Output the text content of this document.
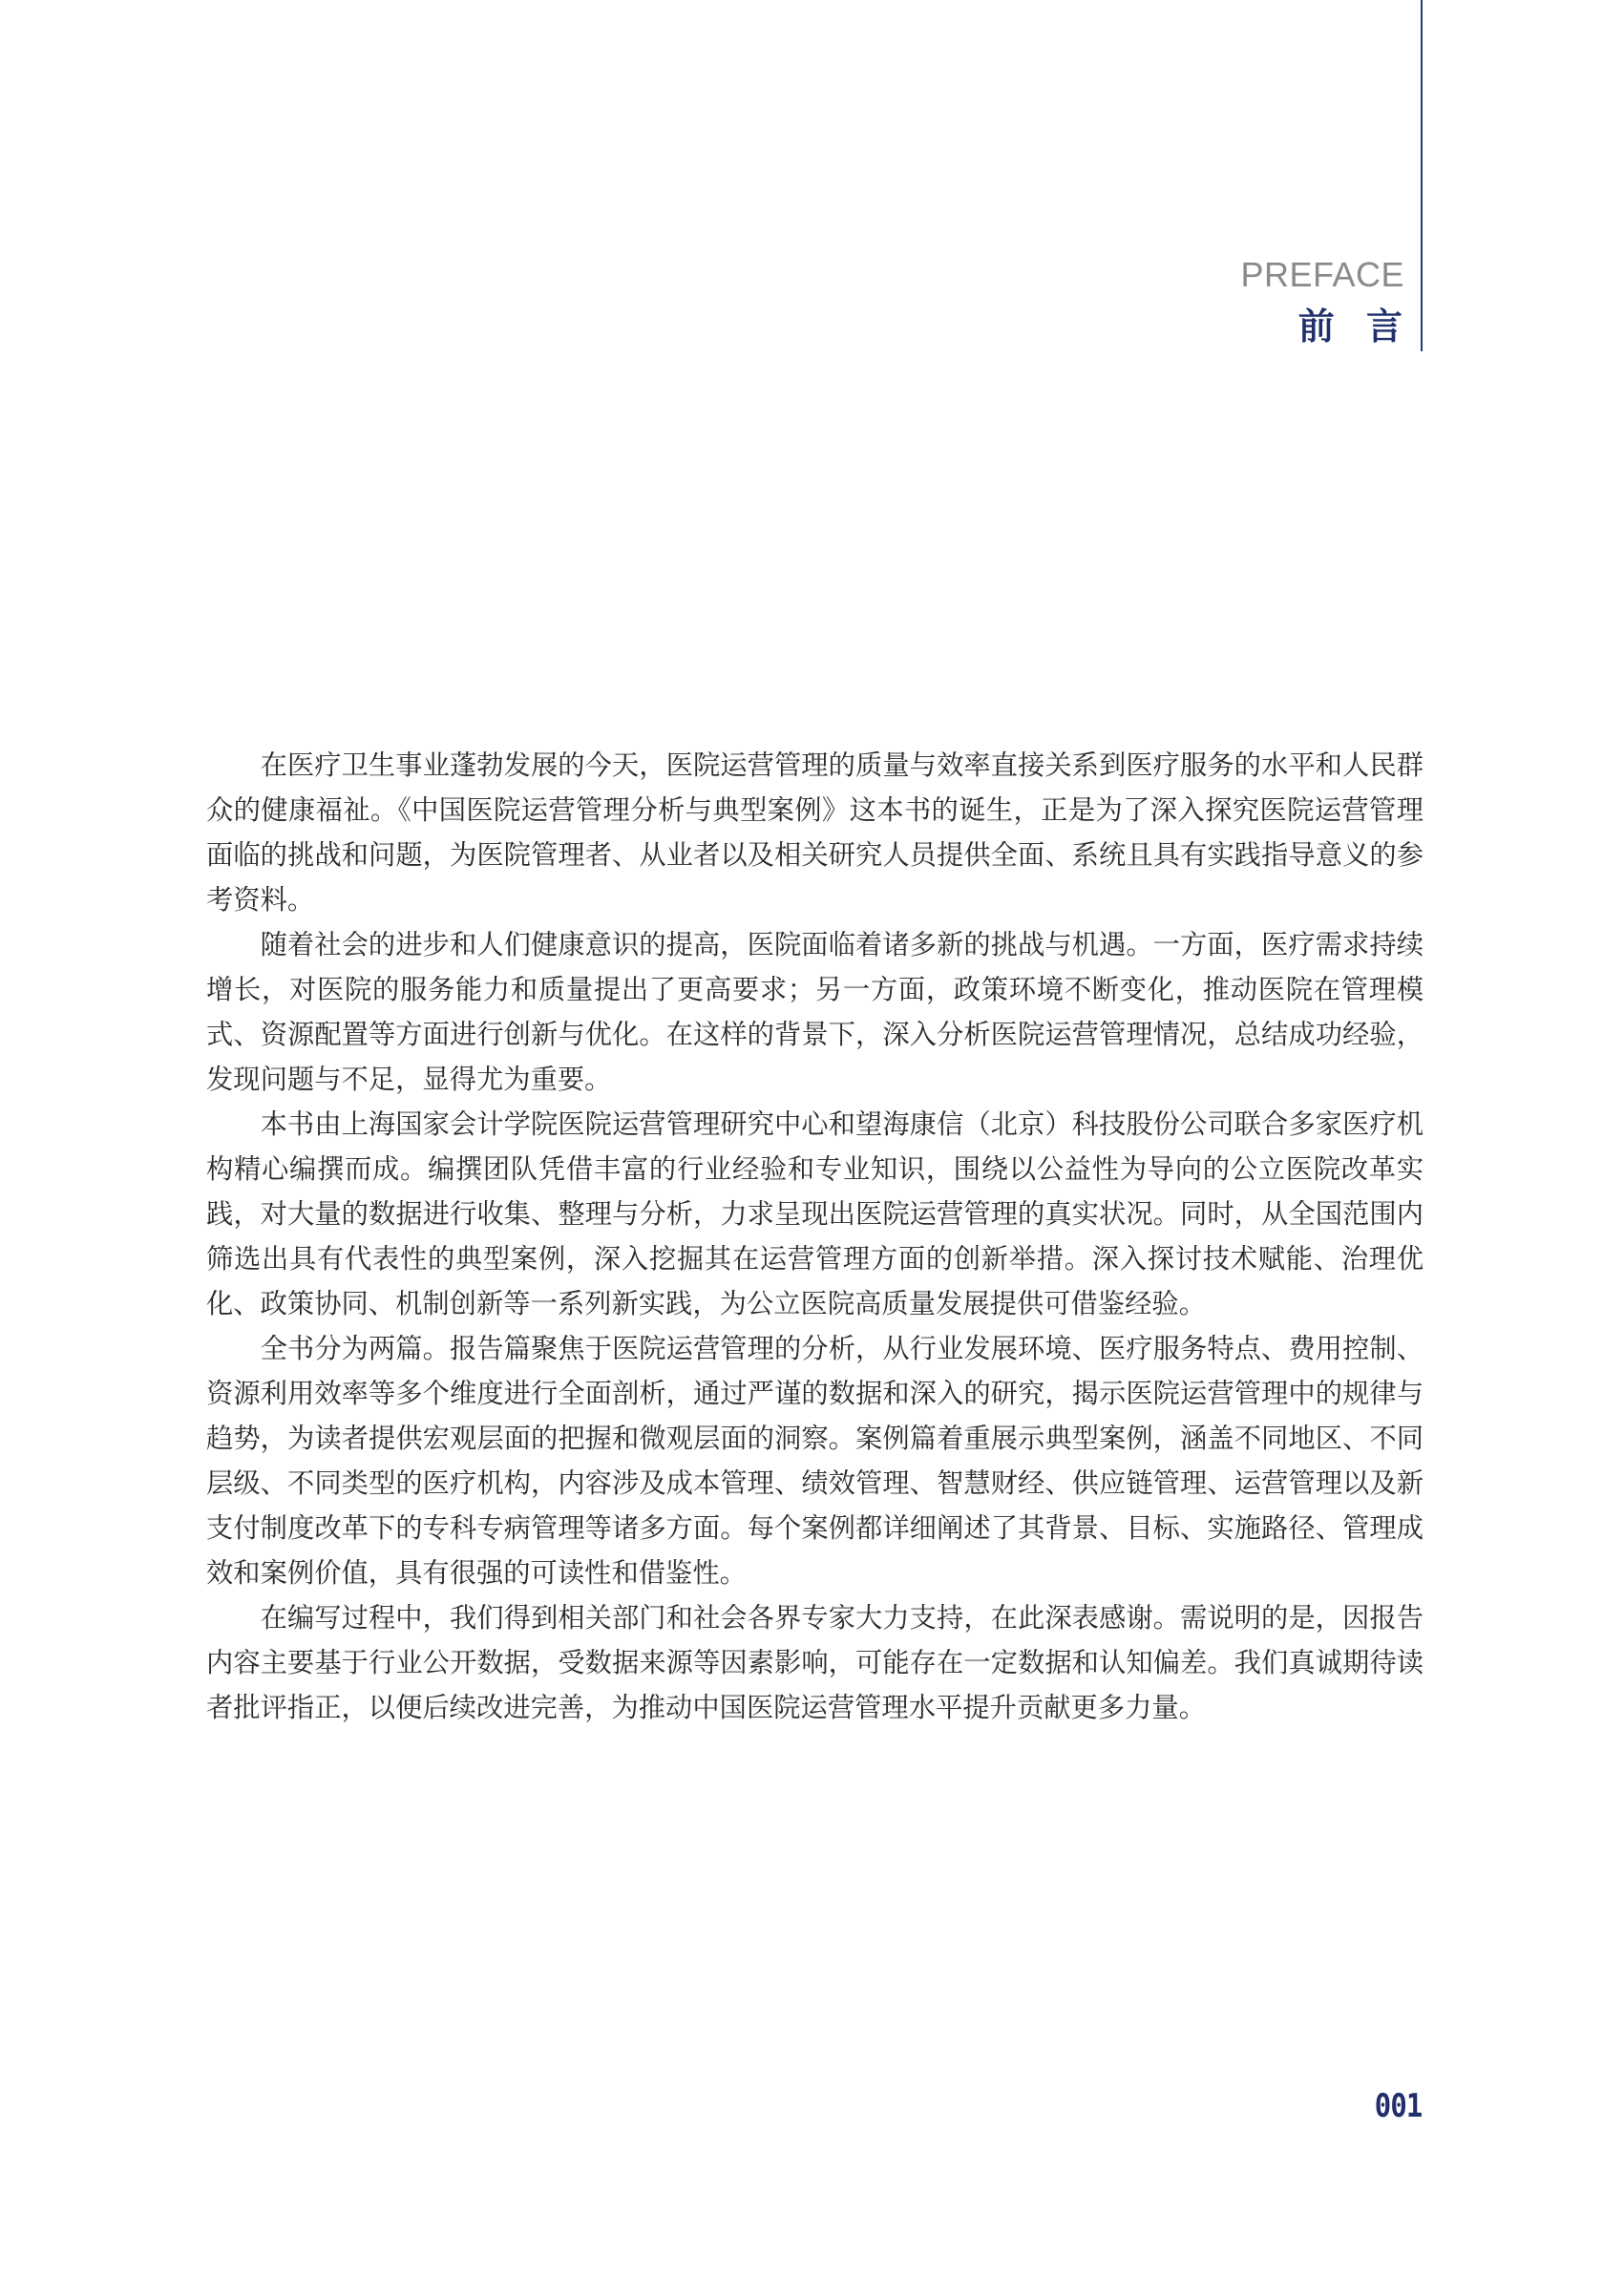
PREFACE
前 言

在医疗卫生事业蓬勃发展的今天，医院运营管理的质量与效率直接关系到医疗服务的水平和人民群众的健康福祉。《中国医院运营管理分析与典型案例》这本书的诞生，正是为了深入探究医院运营管理面临的挑战和问题，为医院管理者、从业者以及相关研究人员提供全面、系统且具有实践指导意义的参考资料。

随着社会的进步和人们健康意识的提高，医院面临着诸多新的挑战与机遇。一方面，医疗需求持续增长，对医院的服务能力和质量提出了更高要求；另一方面，政策环境不断变化，推动医院在管理模式、资源配置等方面进行创新与优化。在这样的背景下，深入分析医院运营管理情况，总结成功经验，发现问题与不足，显得尤为重要。

本书由上海国家会计学院医院运营管理研究中心和望海康信（北京）科技股份公司联合多家医疗机构精心编撰而成。编撰团队凭借丰富的行业经验和专业知识，围绕以公益性为导向的公立医院改革实践，对大量的数据进行收集、整理与分析，力求呈现出医院运营管理的真实状况。同时，从全国范围内筛选出具有代表性的典型案例，深入挖掘其在运营管理方面的创新举措。深入探讨技术赋能、治理优化、政策协同、机制创新等一系列新实践，为公立医院高质量发展提供可借鉴经验。

全书分为两篇。报告篇聚焦于医院运营管理的分析，从行业发展环境、医疗服务特点、费用控制、资源利用效率等多个维度进行全面剖析，通过严谨的数据和深入的研究，揭示医院运营管理中的规律与趋势，为读者提供宏观层面的把握和微观层面的洞察。案例篇着重展示典型案例，涵盖不同地区、不同层级、不同类型的医疗机构，内容涉及成本管理、绩效管理、智慧财经、供应链管理、运营管理以及新支付制度改革下的专科专病管理等诸多方面。每个案例都详细阐述了其背景、目标、实施路径、管理成效和案例价值，具有很强的可读性和借鉴性。

在编写过程中，我们得到相关部门和社会各界专家大力支持，在此深表感谢。需说明的是，因报告内容主要基于行业公开数据，受数据来源等因素影响，可能存在一定数据和认知偏差。我们真诚期待读者批评指正，以便后续改进完善，为推动中国医院运营管理水平提升贡献更多力量。

001
